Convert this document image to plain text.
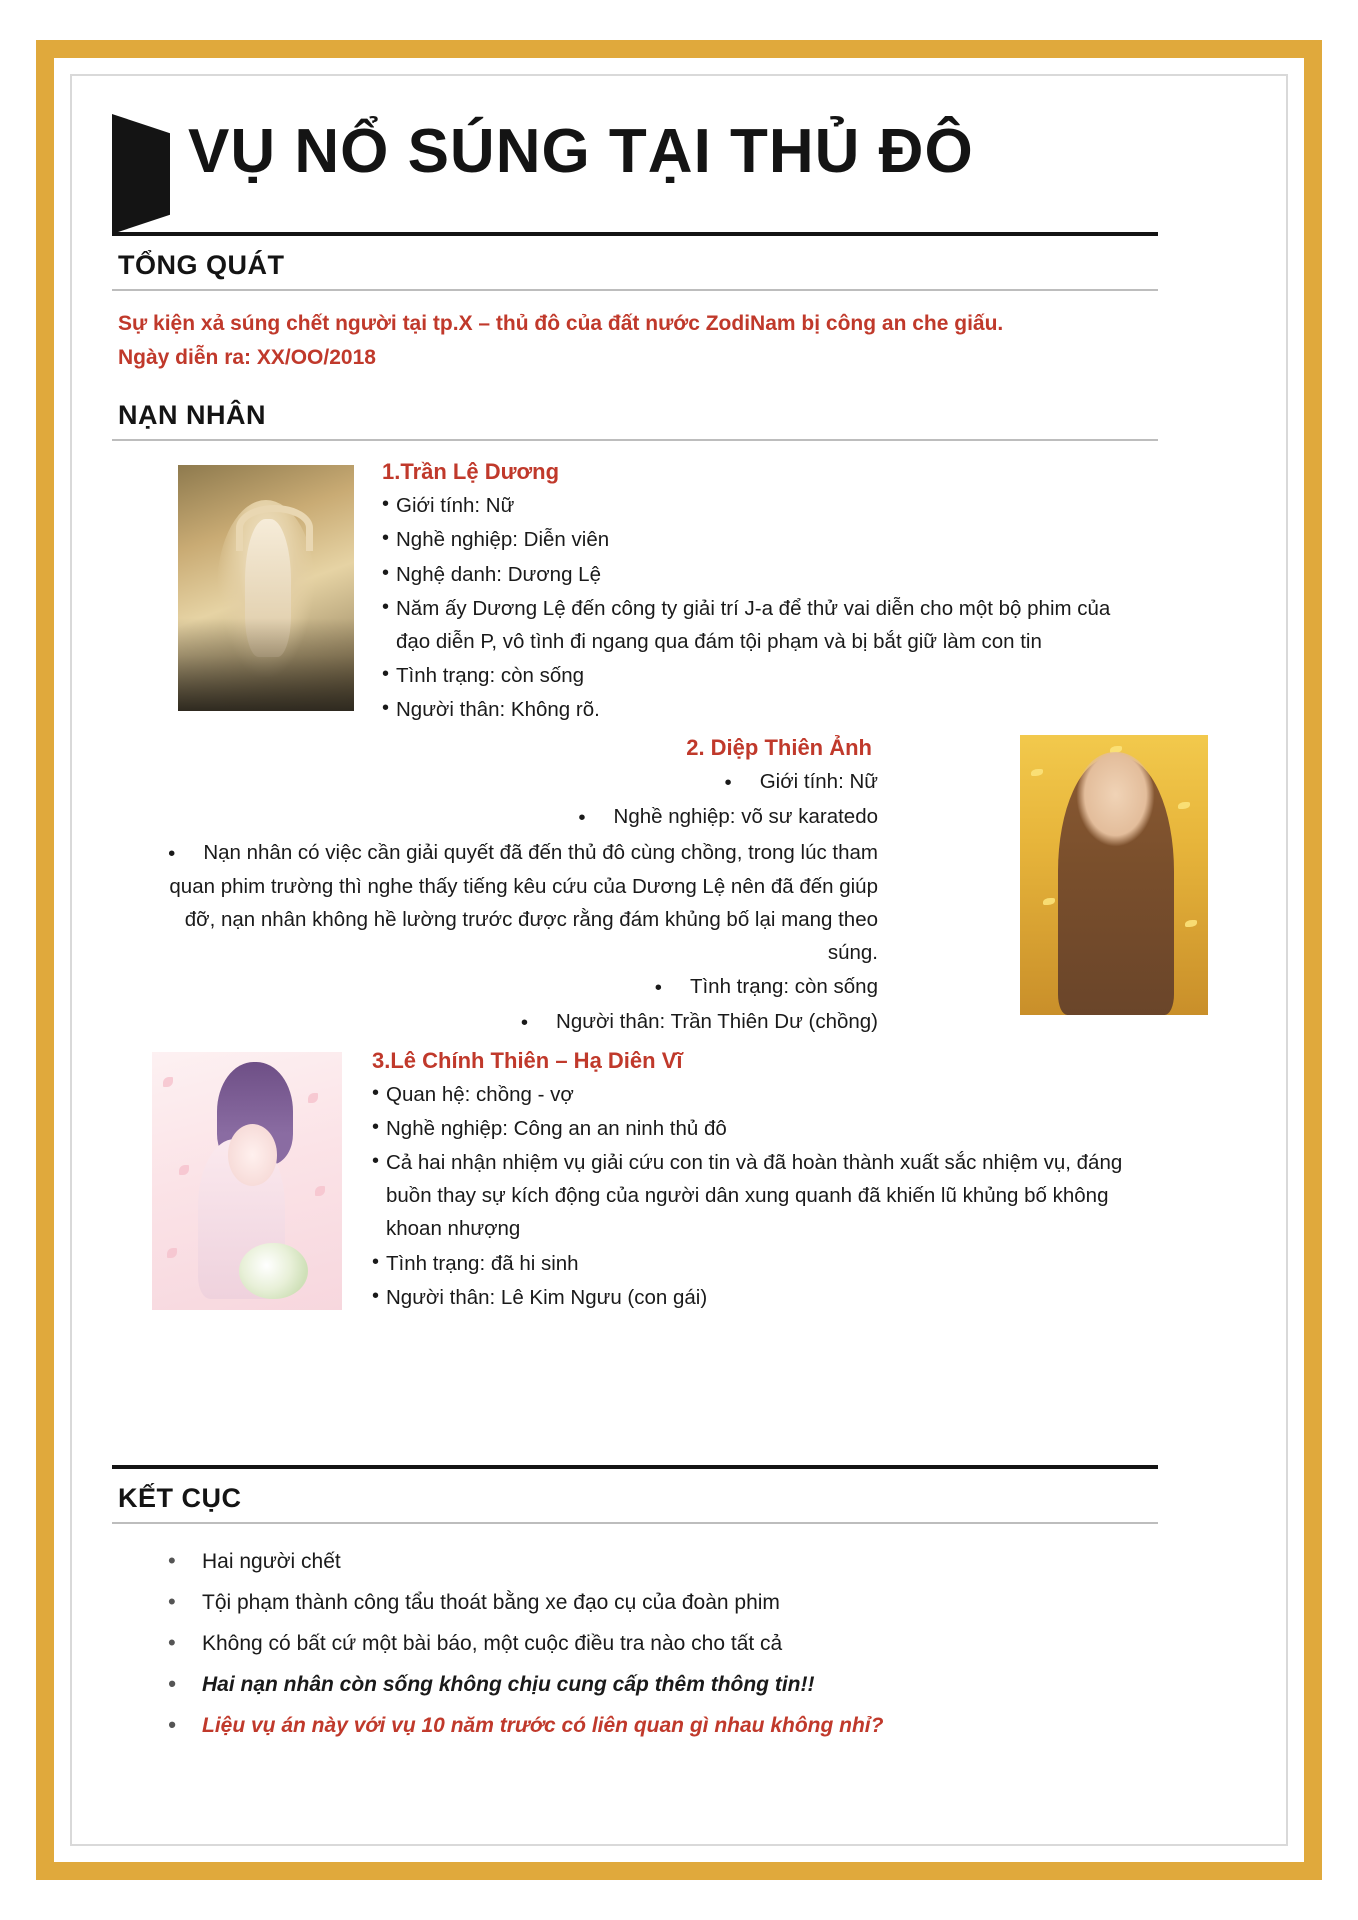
VỤ NỔ SÚNG TẠI THỦ ĐÔ
TỔNG QUÁT
Sự kiện xả súng chết người tại tp.X – thủ đô của đất nước ZodiNam bị công an che giấu.
Ngày diễn ra: XX/OO/2018
NẠN NHÂN
1.Trần Lệ Dương
• Giới tính: Nữ
• Nghề nghiệp: Diễn viên
• Nghệ danh: Dương Lệ
• Năm ấy Dương Lệ đến công ty giải trí J-a để thử vai diễn cho một bộ phim của đạo diễn P, vô tình đi ngang qua đám tội phạm và bị bắt giữ làm con tin
• Tình trạng: còn sống
• Người thân: Không rõ.
2. Diệp Thiên Ảnh
• Giới tính: Nữ
• Nghề nghiệp: võ sư karatedo
• Nạn nhân có việc cần giải quyết đã đến thủ đô cùng chồng, trong lúc tham quan phim trường thì nghe thấy tiếng kêu cứu của Dương Lệ nên đã đến giúp đỡ, nạn nhân không hề lường trước được rằng đám khủng bố lại mang theo súng.
• Tình trạng: còn sống
• Người thân: Trần Thiên Dư (chồng)
3.Lê Chính Thiên – Hạ Diên Vĩ
• Quan hệ: chồng - vợ
• Nghề nghiệp: Công an an ninh thủ đô
• Cả hai nhận nhiệm vụ giải cứu con tin và đã hoàn thành xuất sắc nhiệm vụ, đáng buồn thay sự kích động của người dân xung quanh đã khiến lũ khủng bố không khoan nhượng
• Tình trạng: đã hi sinh
• Người thân: Lê Kim Ngưu (con gái)
KẾT CỤC
• Hai người chết
• Tội phạm thành công tẩu thoát bằng xe đạo cụ của đoàn phim
• Không có bất cứ một bài báo, một cuộc điều tra nào cho tất cả
• Hai nạn nhân còn sống không chịu cung cấp thêm thông tin!!
• Liệu vụ án này với vụ 10 năm trước có liên quan gì nhau không nhỉ?
